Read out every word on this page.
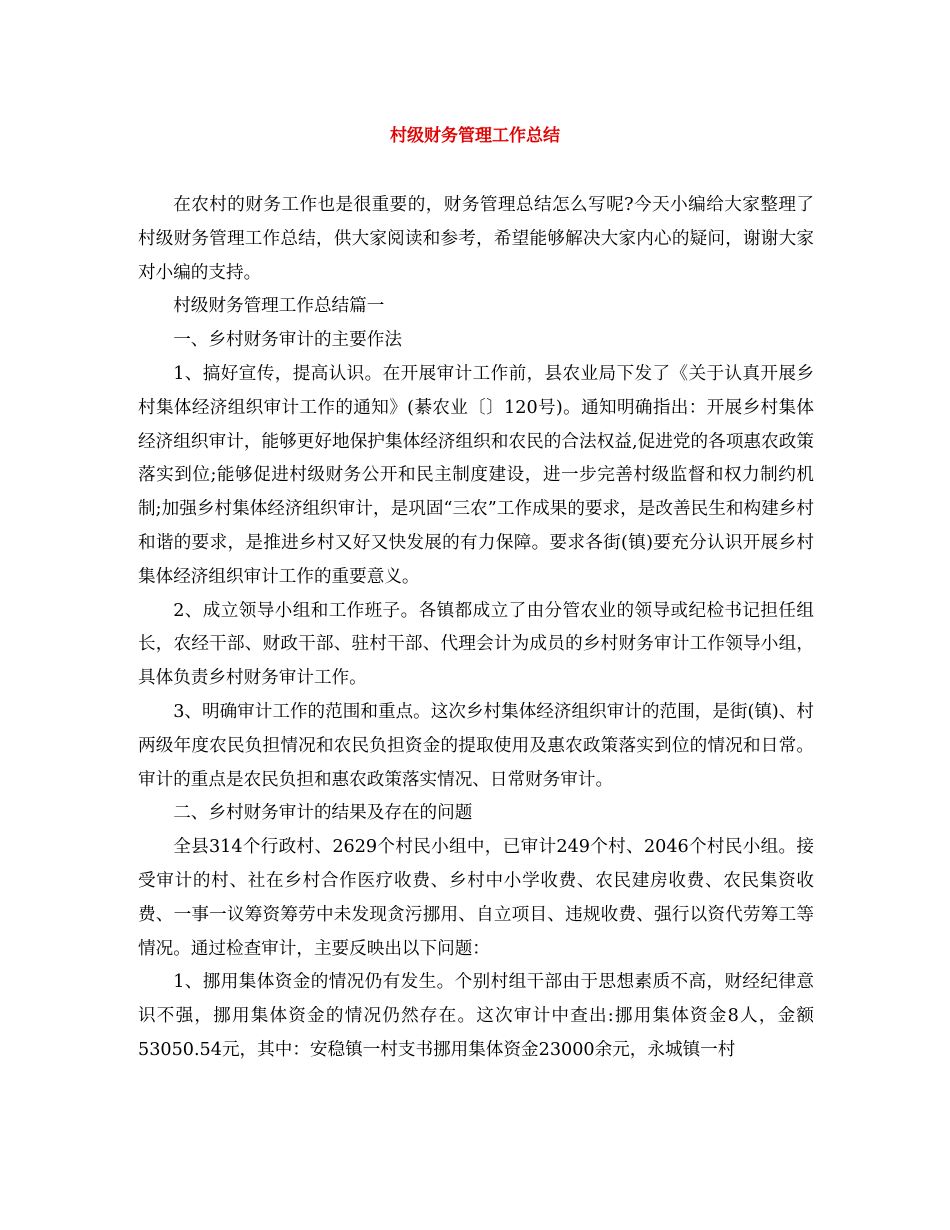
村级财务管理工作总结

在农村的财务工作也是很重要的，财务管理总结怎么写呢?今天小编给大家整理了村级财务管理工作总结，供大家阅读和参考，希望能够解决大家内心的疑问，谢谢大家对小编的支持。

村级财务管理工作总结篇一

一、乡村财务审计的主要作法

1、搞好宣传，提高认识。在开展审计工作前，县农业局下发了《关于认真开展乡村集体经济组织审计工作的通知》(綦农业〔〕120号)。通知明确指出：开展乡村集体经济组织审计，能够更好地保护集体经济组织和农民的合法权益,促进党的各项惠农政策落实到位;能够促进村级财务公开和民主制度建设，进一步完善村级监督和权力制约机制;加强乡村集体经济组织审计，是巩固“三农”工作成果的要求，是改善民生和构建乡村和谐的要求，是推进乡村又好又快发展的有力保障。要求各街(镇)要充分认识开展乡村集体经济组织审计工作的重要意义。

2、成立领导小组和工作班子。各镇都成立了由分管农业的领导或纪检书记担任组长，农经干部、财政干部、驻村干部、代理会计为成员的乡村财务审计工作领导小组，具体负责乡村财务审计工作。

3、明确审计工作的范围和重点。这次乡村集体经济组织审计的范围，是街(镇)、村两级年度农民负担情况和农民负担资金的提取使用及惠农政策落实到位的情况和日常。审计的重点是农民负担和惠农政策落实情况、日常财务审计。

二、乡村财务审计的结果及存在的问题

全县314个行政村、2629个村民小组中，已审计249个村、2046个村民小组。接受审计的村、社在乡村合作医疗收费、乡村中小学收费、农民建房收费、农民集资收费、一事一议筹资筹劳中未发现贪污挪用、自立项目、违规收费、强行以资代劳筹工等情况。通过检查审计，主要反映出以下问题：

1、挪用集体资金的情况仍有发生。个别村组干部由于思想素质不高，财经纪律意识不强，挪用集体资金的情况仍然存在。这次审计中查出:挪用集体资金8人，金额53050.54元，其中：安稳镇一村支书挪用集体资金23000余元，永城镇一村
